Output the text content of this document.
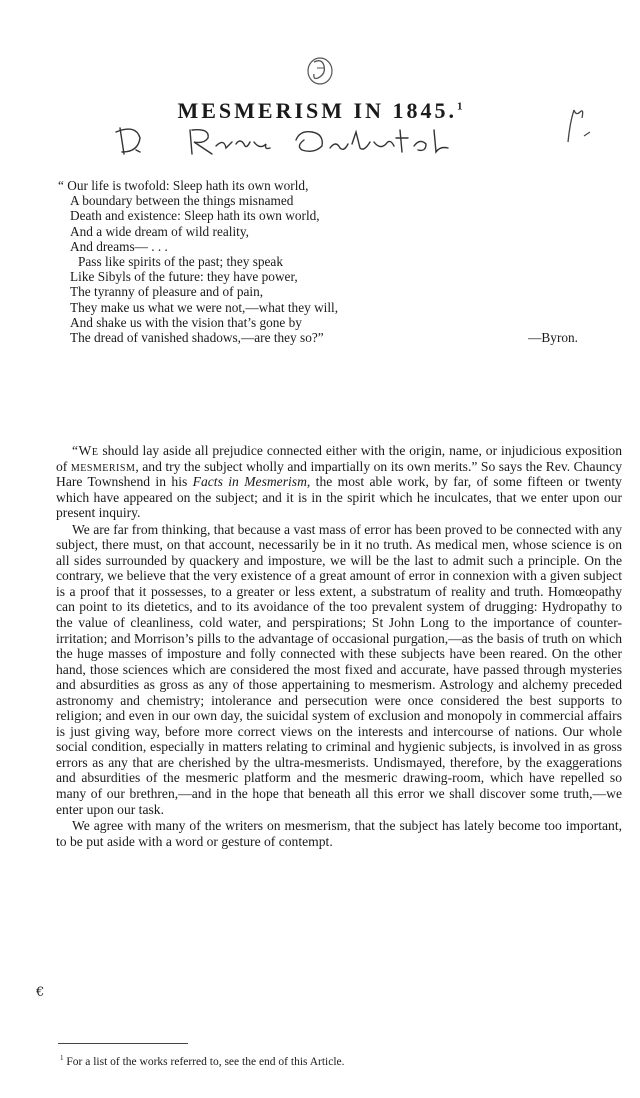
MESMERISM IN 1845.$^1$
“ Our life is twofold: Sleep hath its own world,
A boundary between the things misnamed
Death and existence: Sleep hath its own world,
And a wide dream of wild reality,
And dreams— . . .
Pass like spirits of the past; they speak
Like Sibyls of the future: they have power,
The tyranny of pleasure and of pain,
They make us what we were not,—what they will,
And shake us with the vision that’s gone by
The dread of vanished shadows,—are they so?”	—Byron.

“We should lay aside all prejudice connected either with the origin, name, or injudicious exposition of mesmerism, and try the subject wholly and impartially on its own merits.” So says the Rev. Chauncy Hare Townshend in his Facts in Mesmerism, the most able work, by far, of some fifteen or twenty which have appeared on the subject; and it is in the spirit which he inculcates, that we enter upon our present inquiry.

We are far from thinking, that because a vast mass of error has been proved to be connected with any subject, there must, on that account, necessarily be in it no truth. As medical men, whose science is on all sides surrounded by quackery and imposture, we will be the last to admit such a principle. On the contrary, we believe that the very existence of a great amount of error in connexion with a given subject is a proof that it possesses, to a greater or less extent, a substratum of reality and truth. Homœopathy can point to its dietetics, and to its avoidance of the too prevalent system of drugging: Hydropathy to the value of cleanliness, cold water, and perspirations; St John Long to the importance of counter-irritation; and Morrison’s pills to the advantage of occasional purgation,—as the basis of truth on which the huge masses of imposture and folly connected with these subjects have been reared. On the other hand, those sciences which are considered the most fixed and accurate, have passed through mysteries and absurdities as gross as any of those appertaining to mesmerism. Astrology and alchemy preceded astronomy and chemistry; intolerance and persecution were once considered the best supports to religion; and even in our own day, the suicidal system of exclusion and monopoly in commercial affairs is just giving way, before more correct views on the interests and intercourse of nations. Our whole social condition, especially in matters relating to criminal and hygienic subjects, is involved in as gross errors as any that are cherished by the ultra-mesmerists. Undismayed, therefore, by the exaggerations and absurdities of the mesmeric platform and the mesmeric drawing-room, which have repelled so many of our brethren,—and in the hope that beneath all this error we shall discover some truth,—we enter upon our task.

We agree with many of the writers on mesmerism, that the subject has lately become too important, to be put aside with a word or gesture of contempt.

€
$^1$ For a list of the works referred to, see the end of this Article.
